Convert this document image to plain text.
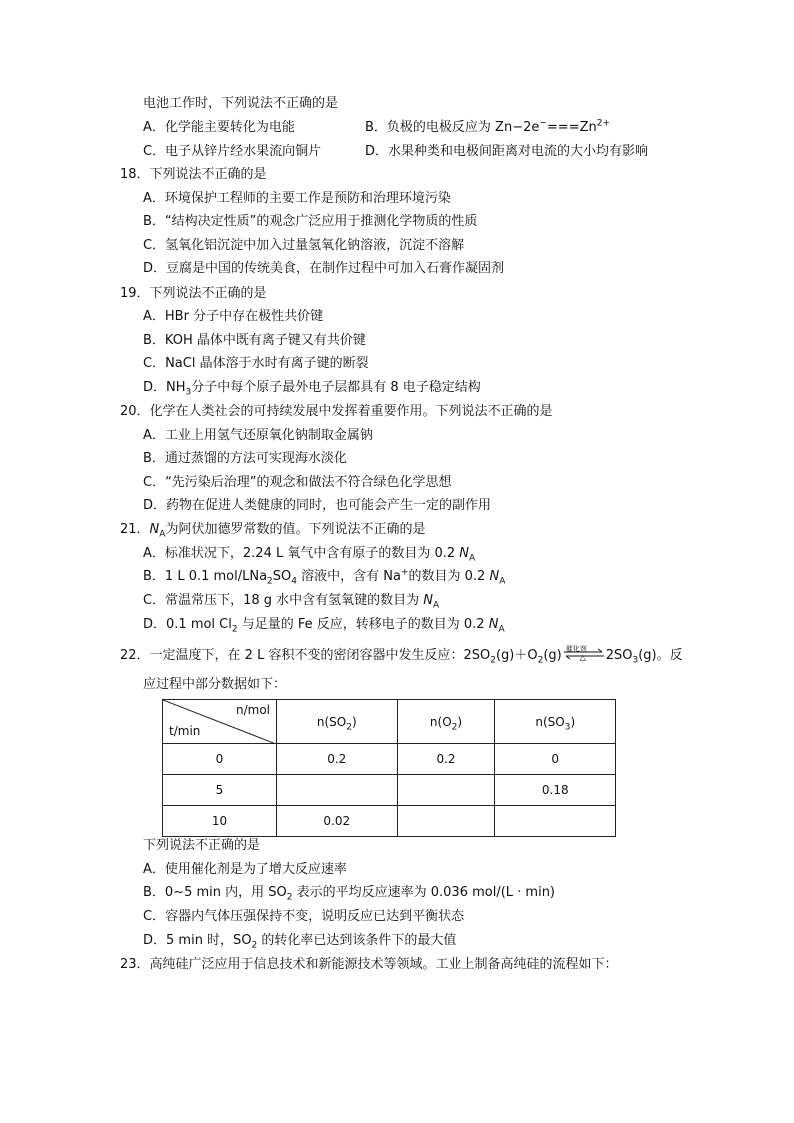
电池工作时，下列说法不正确的是
A．化学能主要转化为电能	B．负极的电极反应为 $Zn-2e^-===Zn^{2+}$
C．电子从锌片经水果流向铜片	D．水果种类和电极间距离对电流的大小均有影响
18．下列说法不正确的是
A．环境保护工程师的主要工作是预防和治理环境污染
B．“结构决定性质”的观念广泛应用于推测化学物质的性质
C．氢氧化铝沉淀中加入过量氢氧化钠溶液，沉淀不溶解
D．豆腐是中国的传统美食，在制作过程中可加入石膏作凝固剂
19．下列说法不正确的是
A．HBr 分子中存在极性共价键
B．KOH 晶体中既有离子键又有共价键
C．NaCl 晶体溶于水时有离子键的断裂
D．$NH_3$分子中每个原子最外电子层都具有 8 电子稳定结构
20．化学在人类社会的可持续发展中发挥着重要作用。下列说法不正确的是
A．工业上用氢气还原氧化钠制取金属钠
B．通过蒸馏的方法可实现海水淡化
C．“先污染后治理”的观念和做法不符合绿色化学思想
D．药物在促进人类健康的同时，也可能会产生一定的副作用
21．$N_A$为阿伏加德罗常数的值。下列说法不正确的是
A．标准状况下，2.24 L 氧气中含有原子的数目为 0.2 $N_A$
B．1 L 0.1 mol/$LNa_2SO_4$ 溶液中，含有 Na+的数目为 0.2 $N_A$
C．常温常压下，18 g 水中含有氢氧键的数目为 $N_A$
D．0.1 mol $Cl_2$ 与足量的 Fe 反应，转移电子的数目为 0.2 $N_A$
22．一定温度下，在 2 L 容积不变的密闭容器中发生反应：$2SO_2(g)+O_2(g)$ 催化剂
△ $2SO_3(g)$。反
应过程中部分数据如下：
n/mol
t/min	$n(SO_2)$	$n(O_2)$	$n(SO_3)$
0	0.2	0.2	0
5			0.18
10	0.02		
下列说法不正确的是
A．使用催化剂是为了增大反应速率
B．0~5 min 内，用 $SO_2$ 表示的平均反应速率为 0.036 mol/(L · min)
C．容器内气体压强保持不变，说明反应已达到平衡状态
D．5 min 时，$SO_2$ 的转化率已达到该条件下的最大值
23．高纯硅广泛应用于信息技术和新能源技术等领域。工业上制备高纯硅的流程如下：
